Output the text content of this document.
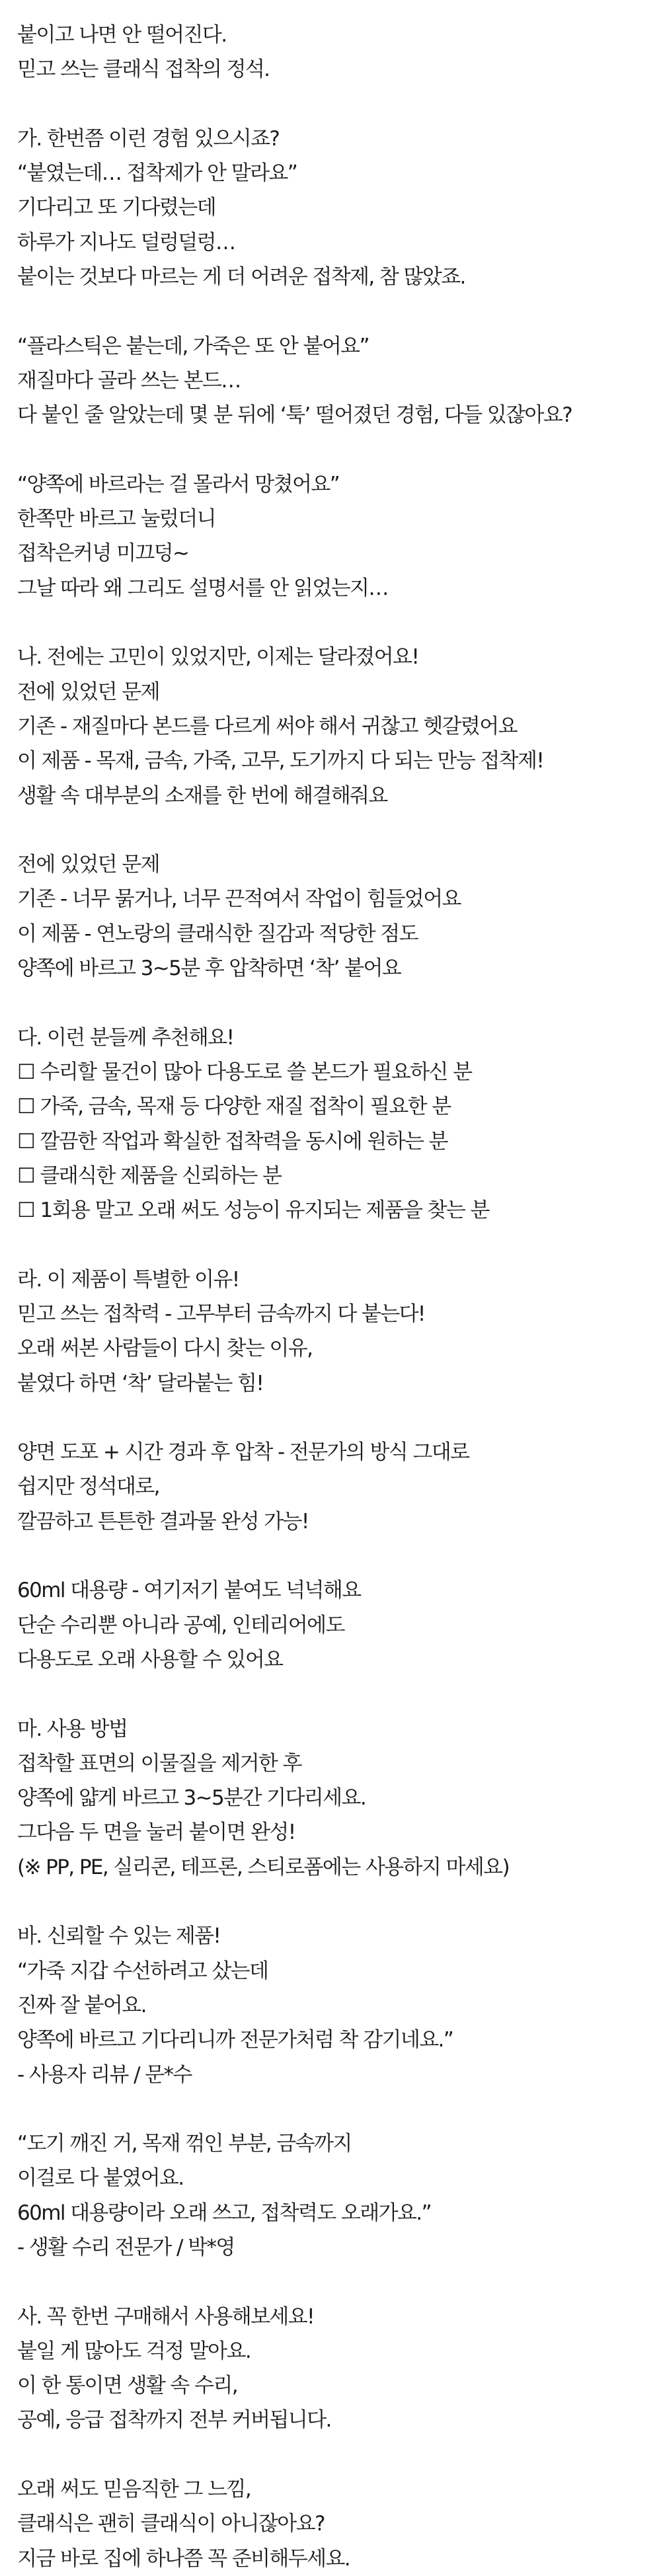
붙이고 나면 안 떨어진다.
믿고 쓰는 클래식 접착의 정석.
가. 한번쯤 이런 경험 있으시죠?
“붙였는데… 접착제가 안 말라요”
기다리고 또 기다렸는데
하루가 지나도 덜렁덜렁…
붙이는 것보다 마르는 게 더 어려운 접착제, 참 많았죠.
“플라스틱은 붙는데, 가죽은 또 안 붙어요”
재질마다 골라 쓰는 본드…
다 붙인 줄 알았는데 몇 분 뒤에 ‘툭’ 떨어졌던 경험, 다들 있잖아요?
“양쪽에 바르라는 걸 몰라서 망쳤어요”
한쪽만 바르고 눌렀더니
접착은커녕 미끄덩~
그날 따라 왜 그리도 설명서를 안 읽었는지…
나. 전에는 고민이 있었지만, 이제는 달라졌어요!
전에 있었던 문제
기존 - 재질마다 본드를 다르게 써야 해서 귀찮고 헷갈렸어요
이 제품 - 목재, 금속, 가죽, 고무, 도기까지 다 되는 만능 접착제!
생활 속 대부분의 소재를 한 번에 해결해줘요
전에 있었던 문제
기존 - 너무 묽거나, 너무 끈적여서 작업이 힘들었어요
이 제품 - 연노랑의 클래식한 질감과 적당한 점도
양쪽에 바르고 3~5분 후 압착하면 ‘착’ 붙어요
다. 이런 분들께 추천해요!
☐ 수리할 물건이 많아 다용도로 쓸 본드가 필요하신 분
☐ 가죽, 금속, 목재 등 다양한 재질 접착이 필요한 분
☐ 깔끔한 작업과 확실한 접착력을 동시에 원하는 분
☐ 클래식한 제품을 신뢰하는 분
☐ 1회용 말고 오래 써도 성능이 유지되는 제품을 찾는 분
라. 이 제품이 특별한 이유!
믿고 쓰는 접착력 - 고무부터 금속까지 다 붙는다!
오래 써본 사람들이 다시 찾는 이유,
붙였다 하면 ‘착’ 달라붙는 힘!
양면 도포 + 시간 경과 후 압착 - 전문가의 방식 그대로
쉽지만 정석대로,
깔끔하고 튼튼한 결과물 완성 가능!
60ml 대용량 - 여기저기 붙여도 넉넉해요
단순 수리뿐 아니라 공예, 인테리어에도
다용도로 오래 사용할 수 있어요
마. 사용 방법
접착할 표면의 이물질을 제거한 후
양쪽에 얇게 바르고 3~5분간 기다리세요.
그다음 두 면을 눌러 붙이면 완성!
(※ PP, PE, 실리콘, 테프론, 스티로폼에는 사용하지 마세요)
바. 신뢰할 수 있는 제품!
“가죽 지갑 수선하려고 샀는데
진짜 잘 붙어요.
양쪽에 바르고 기다리니까 전문가처럼 착 감기네요.”
- 사용자 리뷰 / 문*수
“도기 깨진 거, 목재 꺾인 부분, 금속까지
이걸로 다 붙였어요.
60ml 대용량이라 오래 쓰고, 접착력도 오래가요.”
- 생활 수리 전문가 / 박*영
사. 꼭 한번 구매해서 사용해보세요!
붙일 게 많아도 걱정 말아요.
이 한 통이면 생활 속 수리,
공예, 응급 접착까지 전부 커버됩니다.
오래 써도 믿음직한 그 느낌,
클래식은 괜히 클래식이 아니잖아요?
지금 바로 집에 하나쯤 꼭 준비해두세요.
